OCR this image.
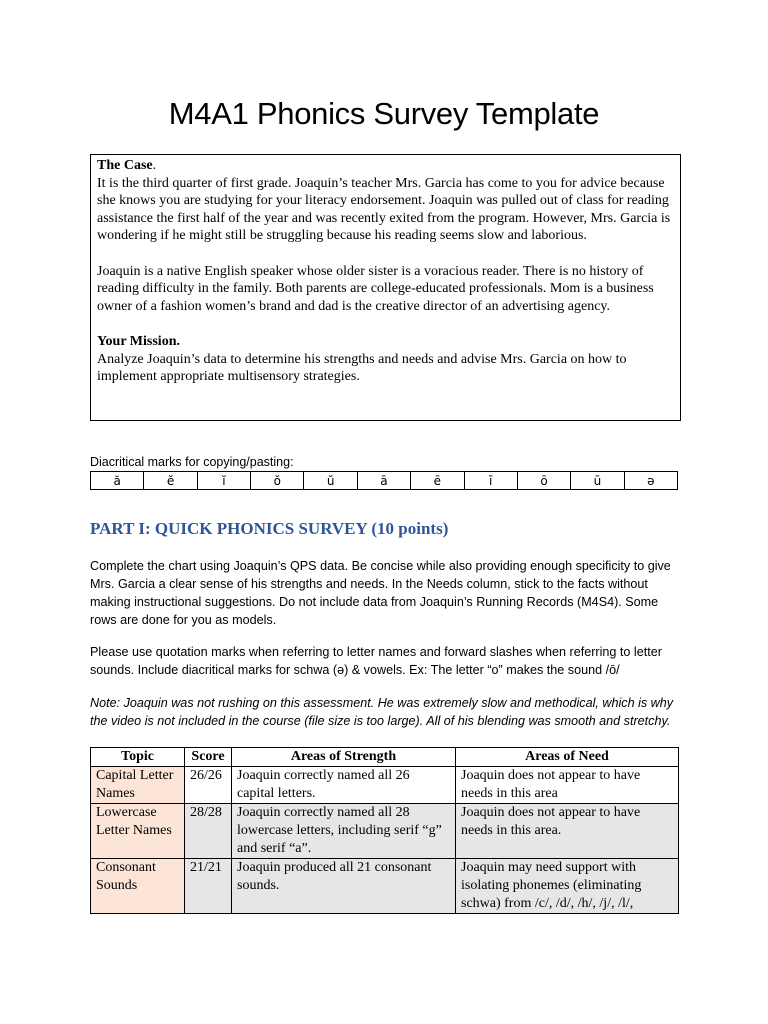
M4A1 Phonics Survey Template

The Case.

It is the third quarter of first grade. Joaquin’s teacher Mrs. Garcia has come to you for advice because she knows you are studying for your literacy endorsement. Joaquin was pulled out of class for reading assistance the first half of the year and was recently exited from the program. However, Mrs. Garcia is wondering if he might still be struggling because his reading seems slow and laborious.

Joaquin is a native English speaker whose older sister is a voracious reader. There is no history of reading difficulty in the family. Both parents are college-educated professionals. Mom is a business owner of a fashion women’s brand and dad is the creative director of an advertising agency.

Your Mission.

Analyze Joaquin’s data to determine his strengths and needs and advise Mrs. Garcia on how to implement appropriate multisensory strategies.

Diacritical marks for copying/pasting:
ă	ĕ	ĭ	ŏ	ŭ	ā	ē	ī	ō	ū	ə
PART I: QUICK PHONICS SURVEY (10 points)

Complete the chart using Joaquin’s QPS data. Be concise while also providing enough specificity to give Mrs. Garcia a clear sense of his strengths and needs. In the Needs column, stick to the facts without making instructional suggestions. Do not include data from Joaquin’s Running Records (M4S4). Some rows are done for you as models.

Please use quotation marks when referring to letter names and forward slashes when referring to letter sounds. Include diacritical marks for schwa (ə) & vowels. Ex: The letter “o” makes the sound /ō/

Note: Joaquin was not rushing on this assessment. He was extremely slow and methodical, which is why the video is not included in the course (file size is too large). All of his blending was smooth and stretchy.

Topic	Score	Areas of Strength	Areas of Need
Capital Letter Names	26/26	Joaquin correctly named all 26 capital letters.	Joaquin does not appear to have needs in this area
Lowercase Letter Names	28/28	Joaquin correctly named all 28 lowercase letters, including serif “g” and serif “a”.	Joaquin does not appear to have needs in this area.
Consonant Sounds	21/21	Joaquin produced all 21 consonant sounds.	Joaquin may need support with isolating phonemes (eliminating schwa) from /c/, /d/, /h/, /j/, /l/,
